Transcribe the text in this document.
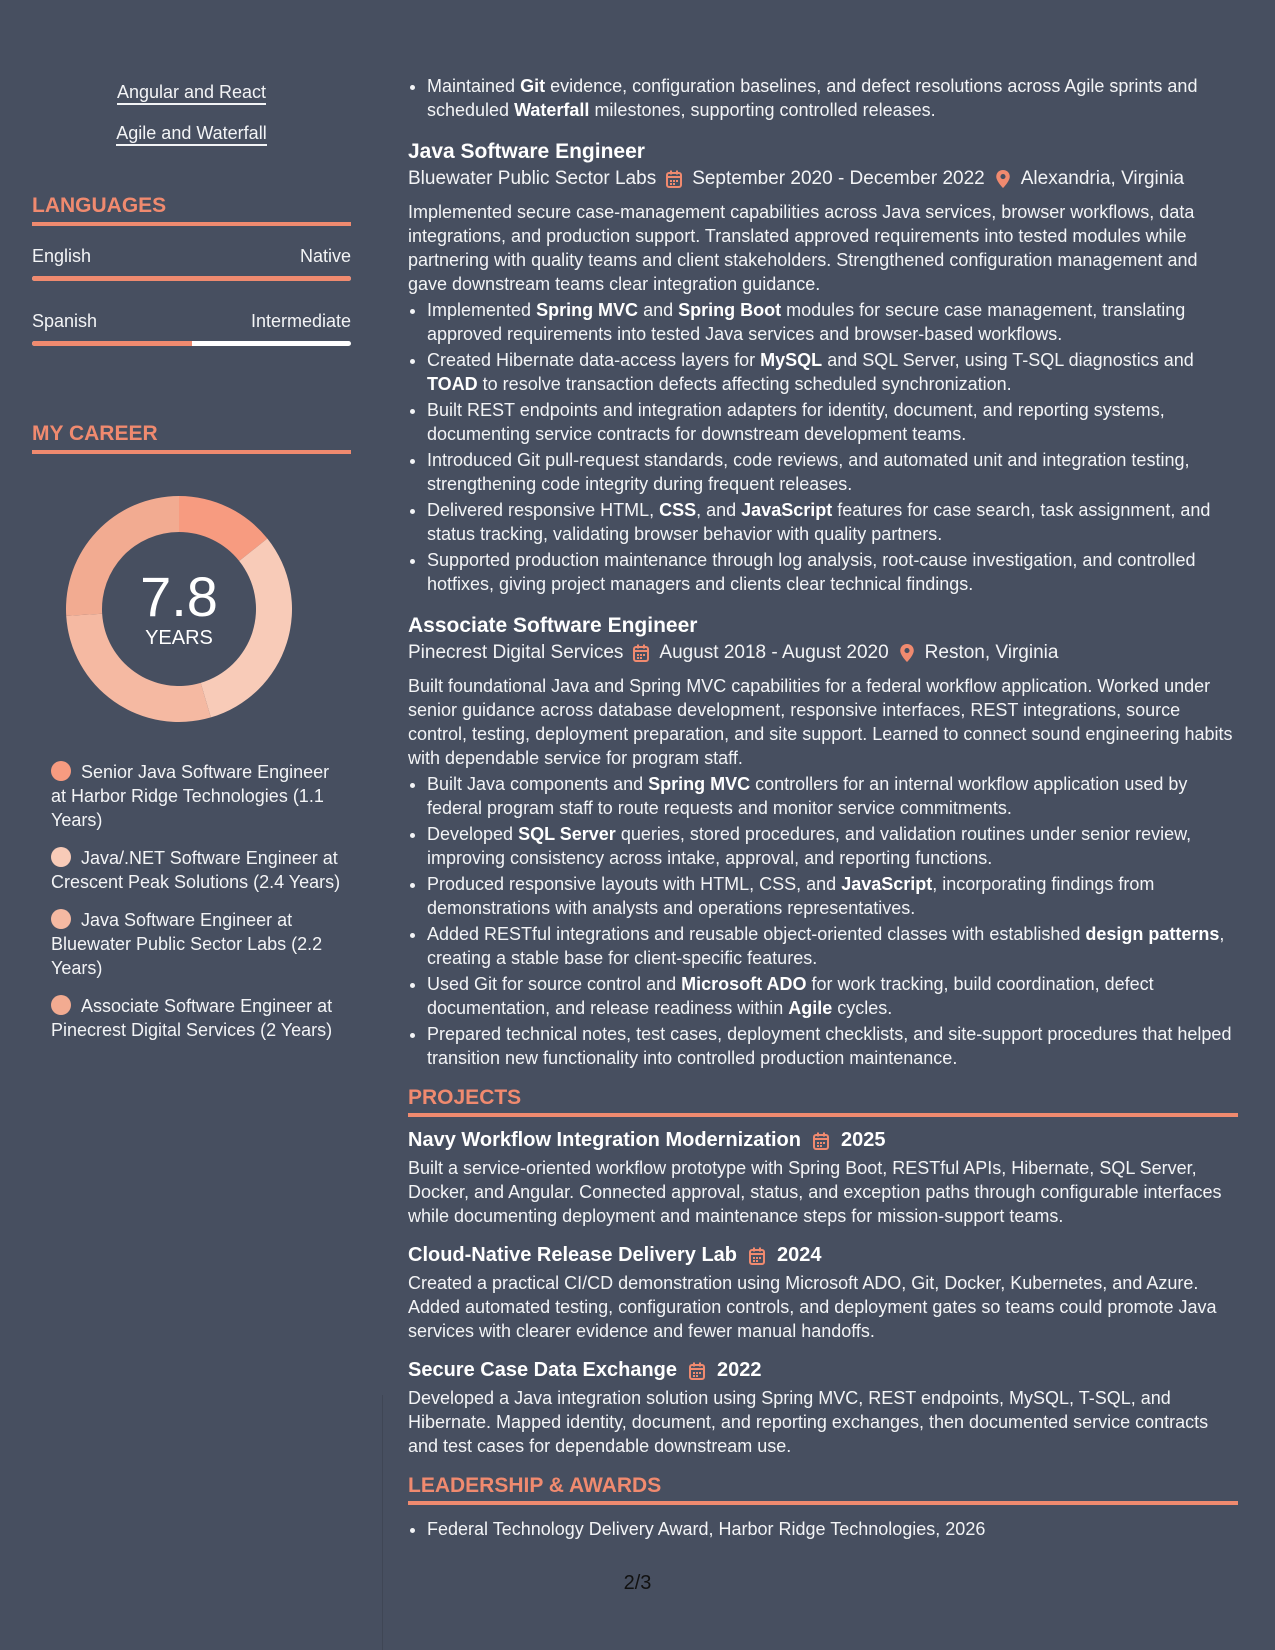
Angular and React
Agile and Waterfall
LANGUAGES
English	Native
Spanish	Intermediate
MY CAREER
7.8
YEARS
Senior Java Software Engineer at Harbor Ridge Technologies (1.1 Years)
Java/.NET Software Engineer at Crescent Peak Solutions (2.4 Years)
Java Software Engineer at Bluewater Public Sector Labs (2.2 Years)
Associate Software Engineer at Pinecrest Digital Services (2 Years)
• Maintained Git evidence, configuration baselines, and defect resolutions across Agile sprints and scheduled Waterfall milestones, supporting controlled releases.
Java Software Engineer
Bluewater Public Sector Labs September 2020 - December 2022 Alexandria, Virginia

Implemented secure case-management capabilities across Java services, browser workflows, data integrations, and production support. Translated approved requirements into tested modules while partnering with quality teams and client stakeholders. Strengthened configuration management and gave downstream teams clear integration guidance.

• Implemented Spring MVC and Spring Boot modules for secure case management, translating approved requirements into tested Java services and browser-based workflows.
• Created Hibernate data-access layers for MySQL and SQL Server, using T-SQL diagnostics and TOAD to resolve transaction defects affecting scheduled synchronization.
• Built REST endpoints and integration adapters for identity, document, and reporting systems, documenting service contracts for downstream development teams.
• Introduced Git pull-request standards, code reviews, and automated unit and integration testing, strengthening code integrity during frequent releases.
• Delivered responsive HTML, CSS, and JavaScript features for case search, task assignment, and status tracking, validating browser behavior with quality partners.
• Supported production maintenance through log analysis, root-cause investigation, and controlled hotfixes, giving project managers and clients clear technical findings.
Associate Software Engineer
Pinecrest Digital Services August 2018 - August 2020 Reston, Virginia

Built foundational Java and Spring MVC capabilities for a federal workflow application. Worked under senior guidance across database development, responsive interfaces, REST integrations, source control, testing, deployment preparation, and site support. Learned to connect sound engineering habits with dependable service for program staff.

• Built Java components and Spring MVC controllers for an internal workflow application used by federal program staff to route requests and monitor service commitments.
• Developed SQL Server queries, stored procedures, and validation routines under senior review, improving consistency across intake, approval, and reporting functions.
• Produced responsive layouts with HTML, CSS, and JavaScript, incorporating findings from demonstrations with analysts and operations representatives.
• Added RESTful integrations and reusable object-oriented classes with established design patterns, creating a stable base for client-specific features.
• Used Git for source control and Microsoft ADO for work tracking, build coordination, defect documentation, and release readiness within Agile cycles.
• Prepared technical notes, test cases, deployment checklists, and site-support procedures that helped transition new functionality into controlled production maintenance.
PROJECTS
Navy Workflow Integration Modernization 2025

Built a service-oriented workflow prototype with Spring Boot, RESTful APIs, Hibernate, SQL Server, Docker, and Angular. Connected approval, status, and exception paths through configurable interfaces while documenting deployment and maintenance steps for mission-support teams.

Cloud-Native Release Delivery Lab 2024

Created a practical CI/CD demonstration using Microsoft ADO, Git, Docker, Kubernetes, and Azure. Added automated testing, configuration controls, and deployment gates so teams could promote Java services with clearer evidence and fewer manual handoffs.

Secure Case Data Exchange 2022

Developed a Java integration solution using Spring MVC, REST endpoints, MySQL, T-SQL, and Hibernate. Mapped identity, document, and reporting exchanges, then documented service contracts and test cases for dependable downstream use.

LEADERSHIP & AWARDS
• Federal Technology Delivery Award, Harbor Ridge Technologies, 2026
2/3
